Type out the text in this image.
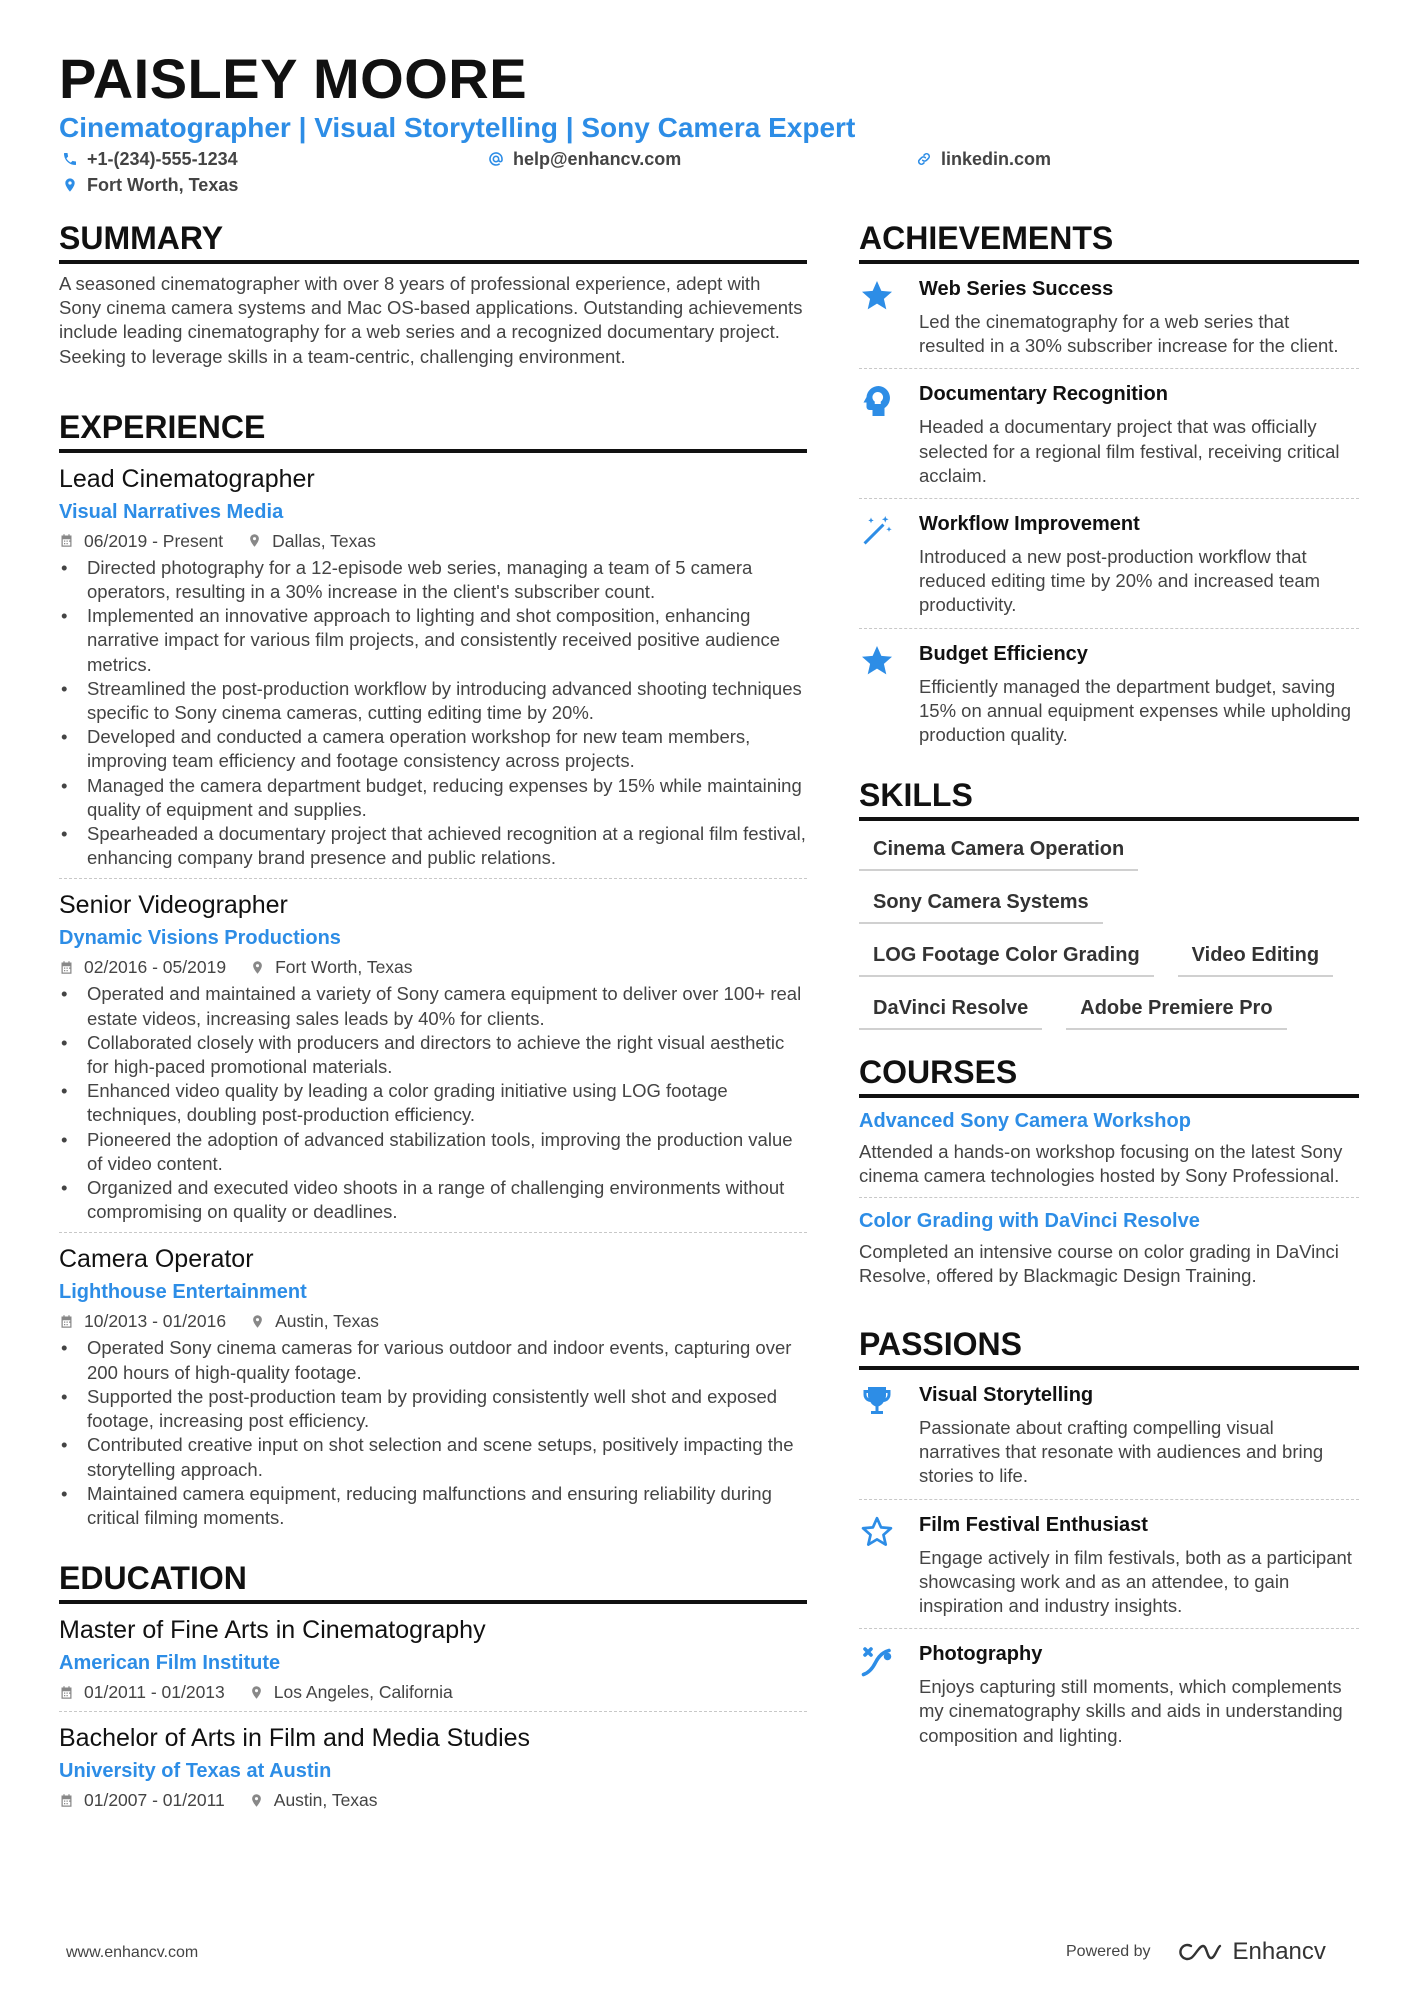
PAISLEY MOORE
Cinematographer | Visual Storytelling | Sony Camera Expert
+1-(234)-555-1234	help@enhancv.com	linkedin.com
Fort Worth, Texas
SUMMARY

A seasoned cinematographer with over 8 years of professional experience, adept with Sony cinema camera systems and Mac OS-based applications. Outstanding achievements include leading cinematography for a web series and a recognized documentary project. Seeking to leverage skills in a team-centric, challenging environment.

EXPERIENCE
Lead Cinematographer
Visual Narratives Media
06/2019 - Present	Dallas, Texas
• Directed photography for a 12-episode web series, managing a team of 5 camera operators, resulting in a 30% increase in the client's subscriber count.
• Implemented an innovative approach to lighting and shot composition, enhancing narrative impact for various film projects, and consistently received positive audience metrics.
• Streamlined the post-production workflow by introducing advanced shooting techniques specific to Sony cinema cameras, cutting editing time by 20%.
• Developed and conducted a camera operation workshop for new team members, improving team efficiency and footage consistency across projects.
• Managed the camera department budget, reducing expenses by 15% while maintaining quality of equipment and supplies.
• Spearheaded a documentary project that achieved recognition at a regional film festival, enhancing company brand presence and public relations.
Senior Videographer
Dynamic Visions Productions
02/2016 - 05/2019	Fort Worth, Texas
• Operated and maintained a variety of Sony camera equipment to deliver over 100+ real estate videos, increasing sales leads by 40% for clients.
• Collaborated closely with producers and directors to achieve the right visual aesthetic for high-paced promotional materials.
• Enhanced video quality by leading a color grading initiative using LOG footage techniques, doubling post-production efficiency.
• Pioneered the adoption of advanced stabilization tools, improving the production value of video content.
• Organized and executed video shoots in a range of challenging environments without compromising on quality or deadlines.
Camera Operator
Lighthouse Entertainment
10/2013 - 01/2016	Austin, Texas
• Operated Sony cinema cameras for various outdoor and indoor events, capturing over 200 hours of high-quality footage.
• Supported the post-production team by providing consistently well shot and exposed footage, increasing post efficiency.
• Contributed creative input on shot selection and scene setups, positively impacting the storytelling approach.
• Maintained camera equipment, reducing malfunctions and ensuring reliability during critical filming moments.
EDUCATION
Master of Fine Arts in Cinematography
American Film Institute
01/2011 - 01/2013	Los Angeles, California
Bachelor of Arts in Film and Media Studies
University of Texas at Austin
01/2007 - 01/2011	Austin, Texas
ACHIEVEMENTS
Web Series Success
Led the cinematography for a web series that resulted in a 30% subscriber increase for the client.
Documentary Recognition
Headed a documentary project that was officially selected for a regional film festival, receiving critical acclaim.
Workflow Improvement
Introduced a new post-production workflow that reduced editing time by 20% and increased team productivity.
Budget Efficiency
Efficiently managed the department budget, saving 15% on annual equipment expenses while upholding production quality.
SKILLS
Cinema Camera Operation
Sony Camera Systems
LOG Footage Color Grading	Video Editing
DaVinci Resolve	Adobe Premiere Pro
COURSES
Advanced Sony Camera Workshop
Attended a hands-on workshop focusing on the latest Sony cinema camera technologies hosted by Sony Professional.
Color Grading with DaVinci Resolve
Completed an intensive course on color grading in DaVinci Resolve, offered by Blackmagic Design Training.
PASSIONS
Visual Storytelling
Passionate about crafting compelling visual narratives that resonate with audiences and bring stories to life.
Film Festival Enthusiast
Engage actively in film festivals, both as a participant showcasing work and as an attendee, to gain inspiration and industry insights.
Photography
Enjoys capturing still moments, which complements my cinematography skills and aids in understanding composition and lighting.
www.enhancv.com	Powered by	Enhancv
